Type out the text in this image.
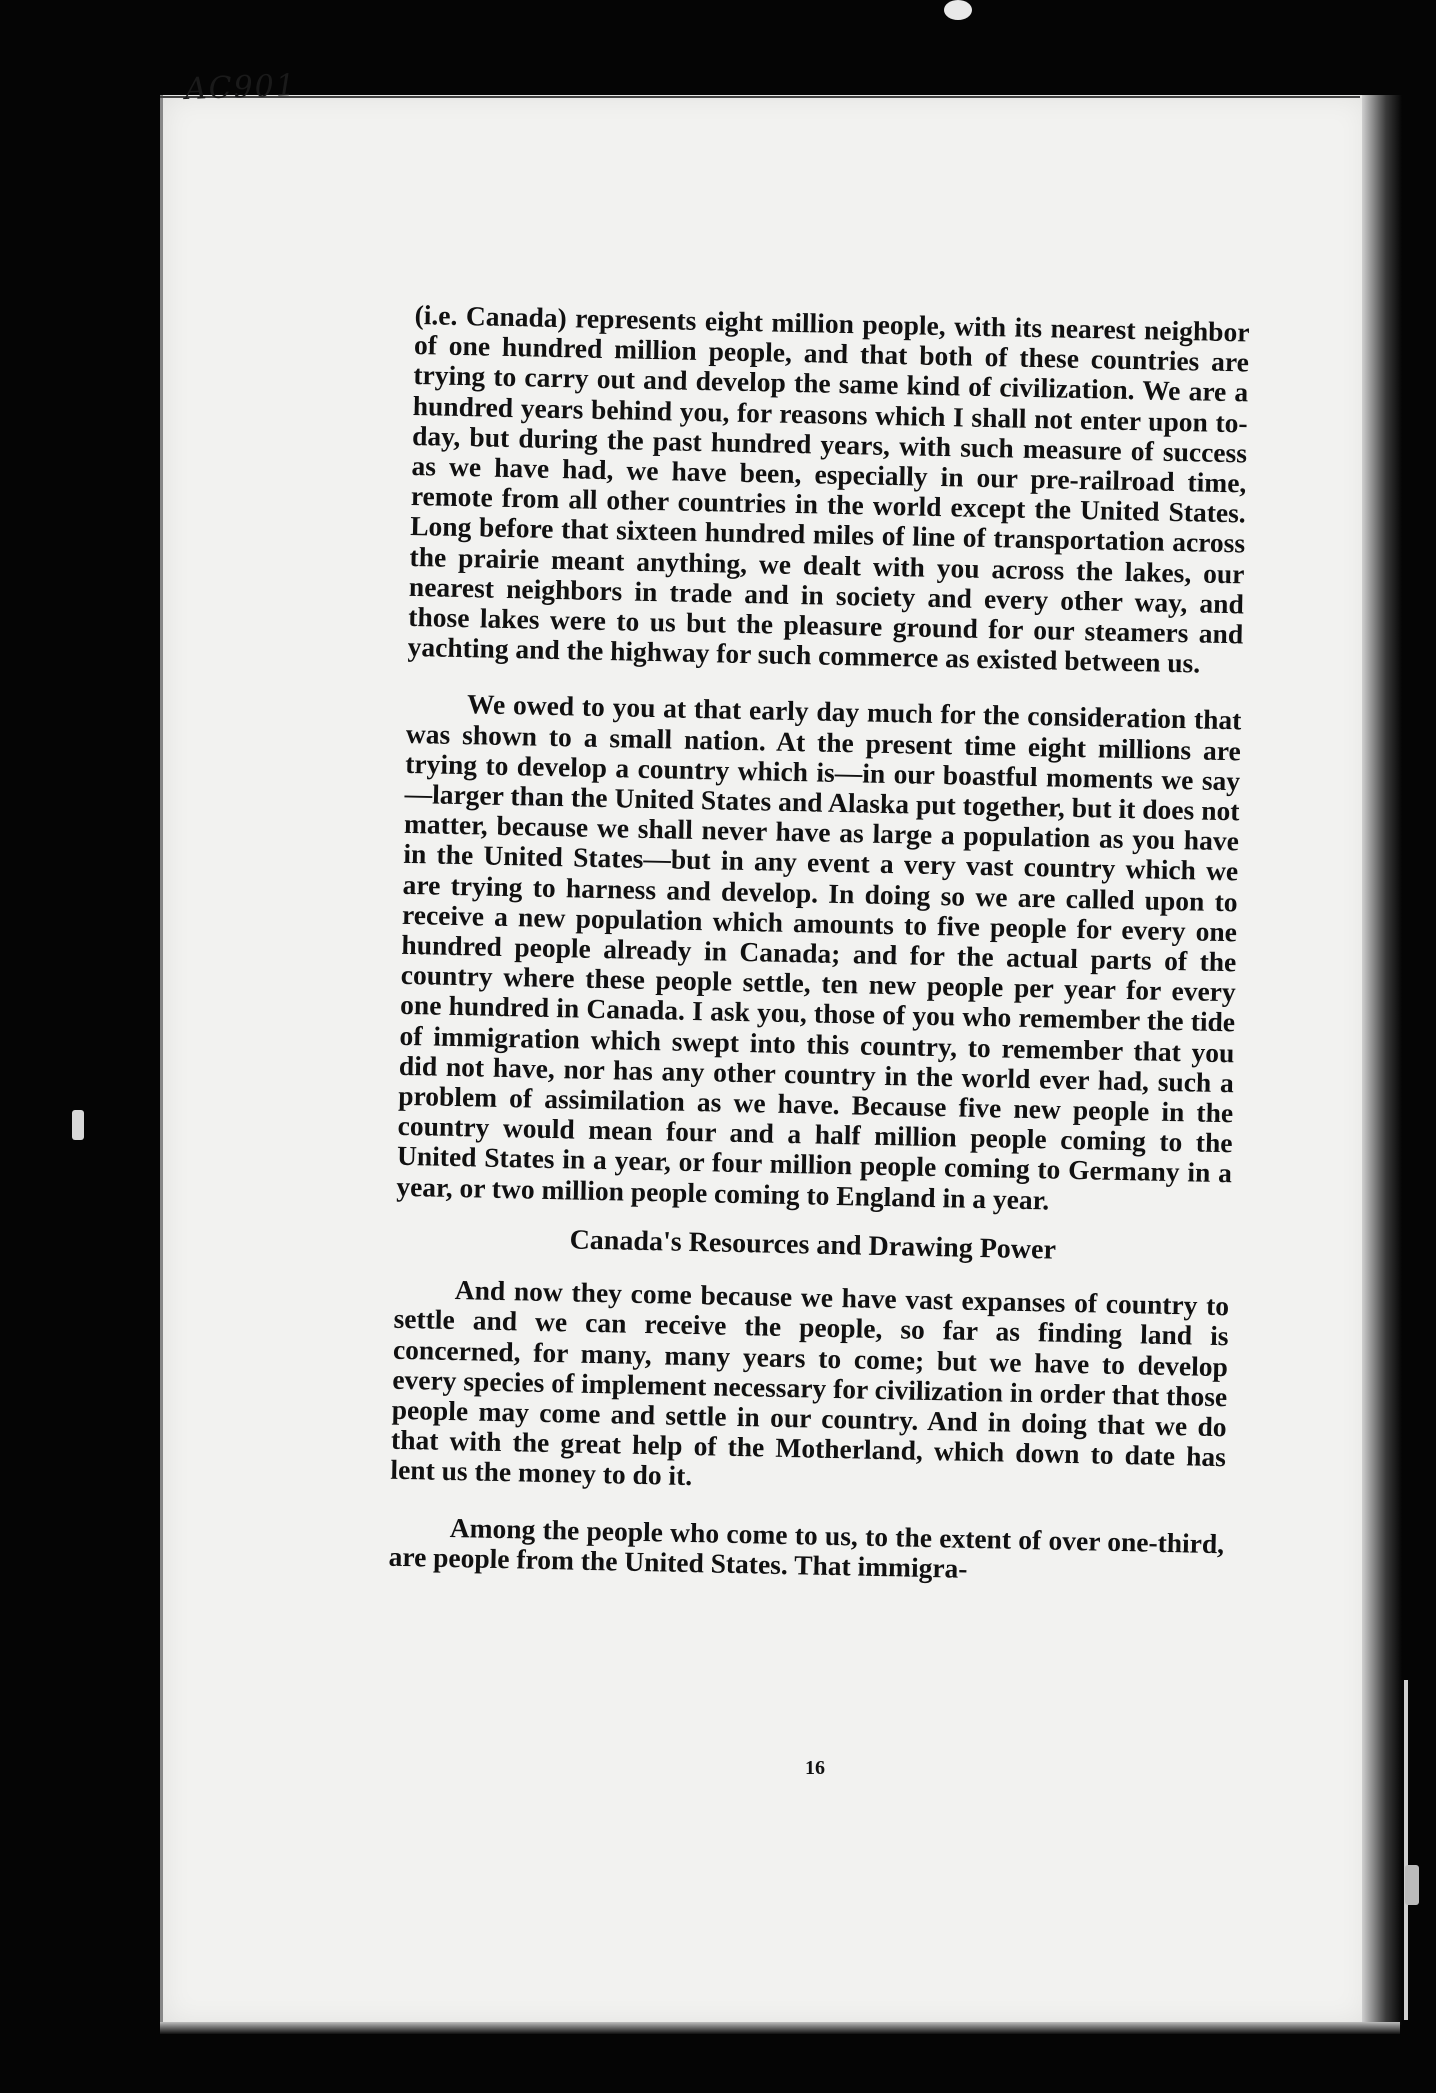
AC901

(i.e. Canada) represents eight million people, with its nearest neighbor of one hundred million people, and that both of these countries are trying to carry out and develop the same kind of civilization. We are a hundred years behind you, for reasons which I shall not enter upon to-day, but during the past hundred years, with such measure of success as we have had, we have been, especially in our pre-railroad time, remote from all other countries in the world except the United States. Long before that sixteen hundred miles of line of transportation across the prairie meant anything, we dealt with you across the lakes, our nearest neighbors in trade and in society and every other way, and those lakes were to us but the pleasure ground for our steamers and yachting and the highway for such commerce as existed between us.

We owed to you at that early day much for the consideration that was shown to a small nation. At the present time eight millions are trying to develop a country which is—in our boastful moments we say—larger than the United States and Alaska put together, but it does not matter, because we shall never have as large a population as you have in the United States—but in any event a very vast country which we are trying to harness and develop. In doing so we are called upon to receive a new population which amounts to five people for every one hundred people already in Canada; and for the actual parts of the country where these people settle, ten new people per year for every one hundred in Canada. I ask you, those of you who remember the tide of immigration which swept into this country, to remember that you did not have, nor has any other country in the world ever had, such a problem of assimilation as we have. Because five new people in the country would mean four and a half million people coming to the United States in a year, or four million people coming to Germany in a year, or two million people coming to England in a year.

Canada's Resources and Drawing Power

And now they come because we have vast expanses of country to settle and we can receive the people, so far as finding land is concerned, for many, many years to come; but we have to develop every species of implement necessary for civilization in order that those people may come and settle in our country. And in doing that we do that with the great help of the Motherland, which down to date has lent us the money to do it.

Among the people who come to us, to the extent of over one-third, are people from the United States. That immigra-

16
